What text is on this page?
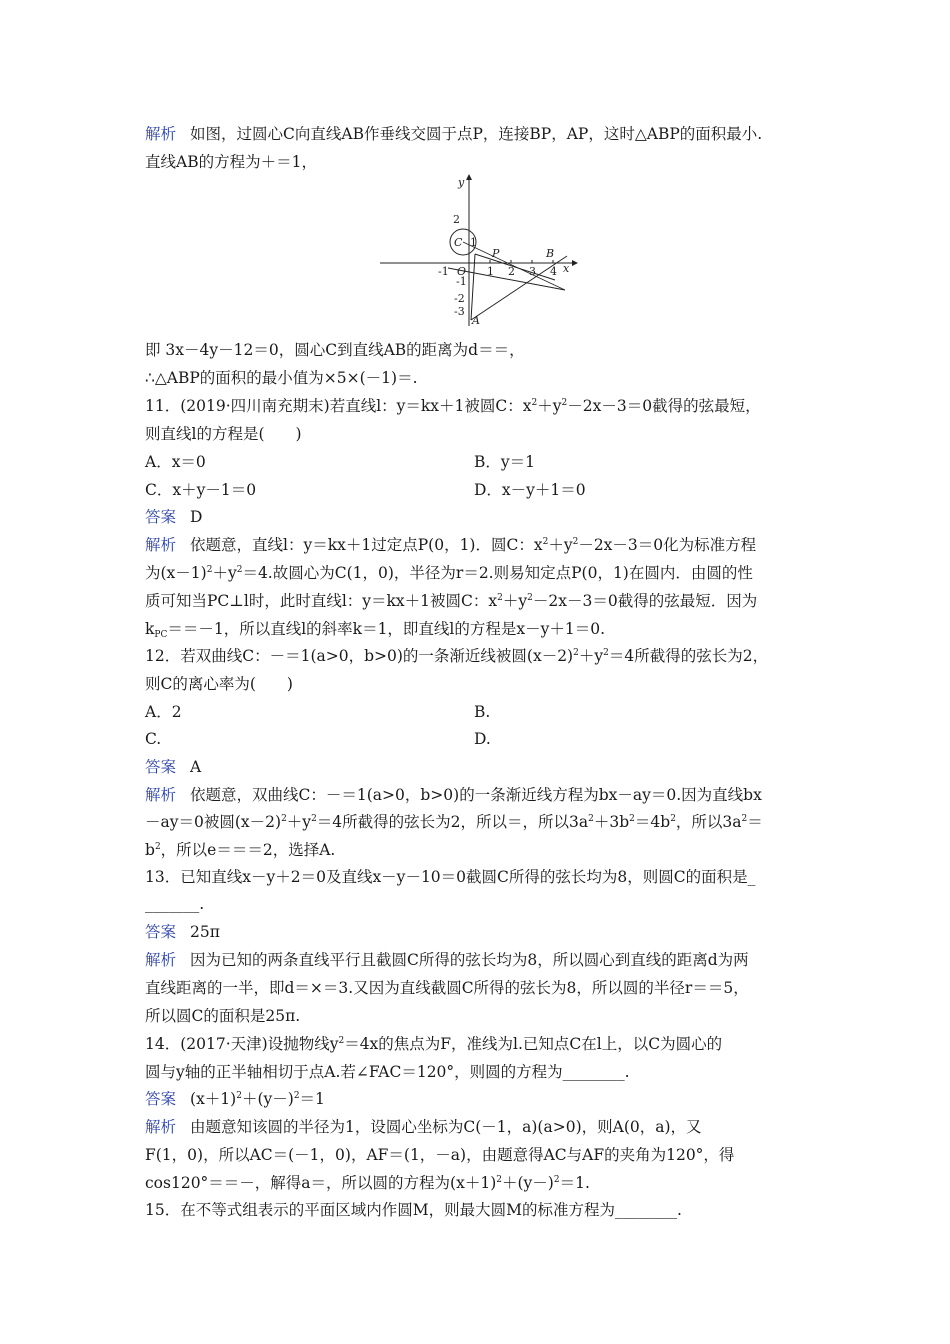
解析 如图，过圆心C向直线AB作垂线交圆于点P，连接BP，AP，这时△ABP的面积最小.
直线AB的方程为＋＝1，
y
x
2
C 1
P	B
-1 O 1 2 3 4
-1
-2
-3
A
即 3x－4y－12＝0，圆心C到直线AB的距离为d＝＝，
∴△ABP的面积的最小值为×5×(－1)＝.
11．(2019·四川南充期末)若直线l：y＝kx＋1被圆C：$x^2+y^2-2x-3=0$截得的弦最短，
则直线l的方程是(　　)
A．x＝0	B．y＝1
C．x＋y－1＝0	D．x－y＋1＝0
答案 D
解析 依题意，直线l：y＝kx＋1过定点P(0，1)．圆C：$x^2+y^2-2x-3=0$化为标准方程
为$(x-1)^2+y^2=4$.故圆心为C(1，0)，半径为r＝2.则易知定点P(0，1)在圆内．由圆的性
质可知当PC⊥l时，此时直线l：y＝kx＋1被圆C：$x^2+y^2-2x-3=0$截得的弦最短．因为
$k_{PC}==-1$，所以直线l的斜率k＝1，即直线l的方程是x－y＋1＝0.
12．若双曲线C：－＝1(a>0，b>0)的一条渐近线被圆$(x-2)^2+y^2=4$所截得的弦长为2，
则C的离心率为(　　)
A．2	B.
C.	D.
答案 A
解析 依题意，双曲线C：－＝1(a>0，b>0)的一条渐近线方程为bx－ay＝0.因为直线bx
－ay＝0被圆$(x-2)^2+y^2=4$所截得的弦长为2，所以＝，所以$3a^2+3b^2=4b^2$，所以$3a^2=$
$b^2$，所以e＝＝＝2，选择A.
13．已知直线x－y＋2＝0及直线x－y－10＝0截圆C所得的弦长均为8，则圆C的面积是_
_______.
答案 25π
解析 因为已知的两条直线平行且截圆C所得的弦长均为8，所以圆心到直线的距离d为两
直线距离的一半，即d＝×＝3.又因为直线截圆C所得的弦长为8，所以圆的半径r＝＝5，
所以圆C的面积是25π.
14．(2017·天津)设抛物线$y^2=4x$的焦点为F，准线为l.已知点C在l上，以C为圆心的
圆与y轴的正半轴相切于点A.若∠FAC＝120°，则圆的方程为________.
答案 $(x+1)^2+(y-)^2=1$
解析 由题意知该圆的半径为1，设圆心坐标为C(－1，a)(a>0)，则A(0，a)，又
F(1，0)，所以AC＝(－1，0)，AF＝(1，－a)，由题意得AC与AF的夹角为120°，得
cos120°＝＝－，解得a＝，所以圆的方程为$(x+1)^2+(y-)^2=1$.
15．在不等式组表示的平面区域内作圆M，则最大圆M的标准方程为________.
